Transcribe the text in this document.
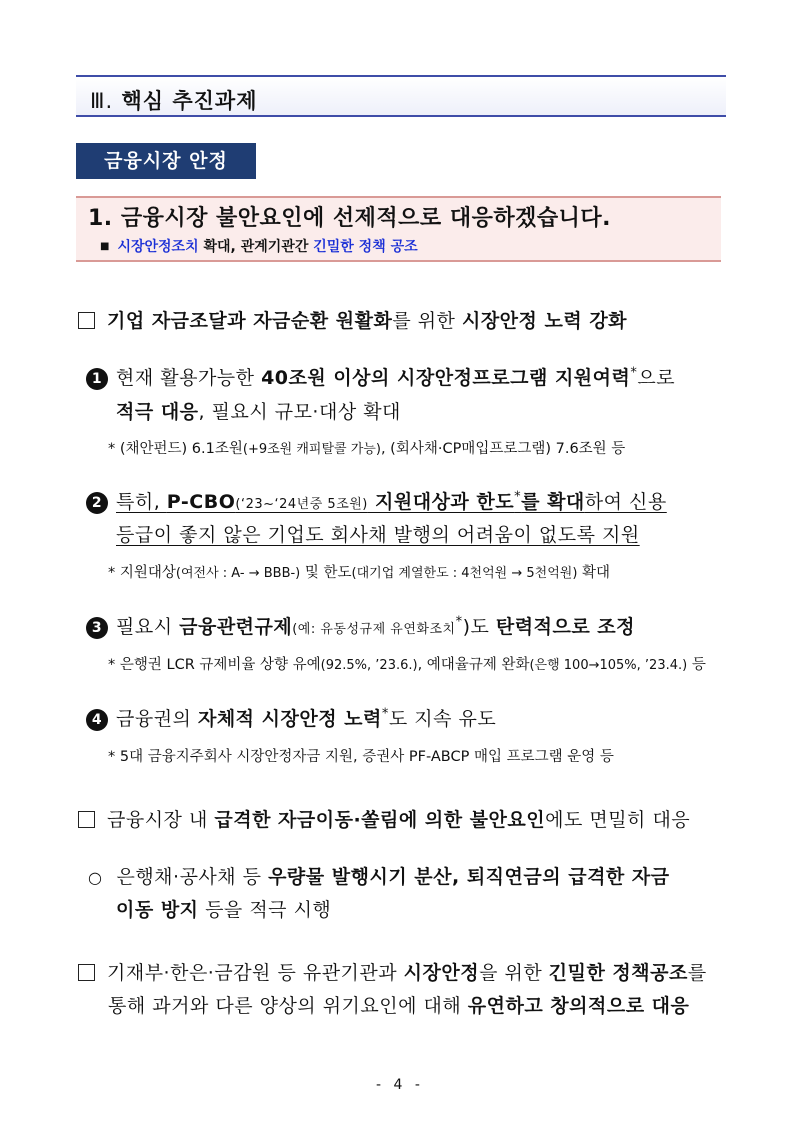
Ⅲ. 핵심 추진과제
금융시장 안정
1. 금융시장 불안요인에 선제적으로 대응하겠습니다.
■ 시장안정조치 확대, 관계기관간 긴밀한 정책 공조
기업 자금조달과 자금순환 원활화를 위한 시장안정 노력 강화
1 현재 활용가능한 40조원 이상의 시장안정프로그램 지원여력*으로
적극 대응, 필요시 규모·대상 확대
* (채안펀드) 6.1조원(+9조원 캐피탈콜 가능), (회사채·CP매입프로그램) 7.6조원 등
2 특히, P-CBO(‘23~‘24년중 5조원) 지원대상과 한도*를 확대하여 신용
등급이 좋지 않은 기업도 회사채 발행의 어려움이 없도록 지원
* 지원대상(여전사 : A- → BBB-) 및 한도(대기업 계열한도 : 4천억원 → 5천억원) 확대
3 필요시 금융관련규제(예: 유동성규제 유연화조치*)도 탄력적으로 조정
* 은행권 LCR 규제비율 상향 유예(92.5%, ’23.6.), 예대율규제 완화(은행 100→105%, ’23.4.) 등
4 금융권의 자체적 시장안정 노력*도 지속 유도
* 5대 금융지주회사 시장안정자금 지원, 증권사 PF-ABCP 매입 프로그램 운영 등
금융시장 내 급격한 자금이동·쏠림에 의한 불안요인에도 면밀히 대응
○ 은행채·공사채 등 우량물 발행시기 분산, 퇴직연금의 급격한 자금
이동 방지 등을 적극 시행
기재부·한은·금감원 등 유관기관과 시장안정을 위한 긴밀한 정책공조를
통해 과거와 다른 양상의 위기요인에 대해 유연하고 창의적으로 대응
- 4 -
